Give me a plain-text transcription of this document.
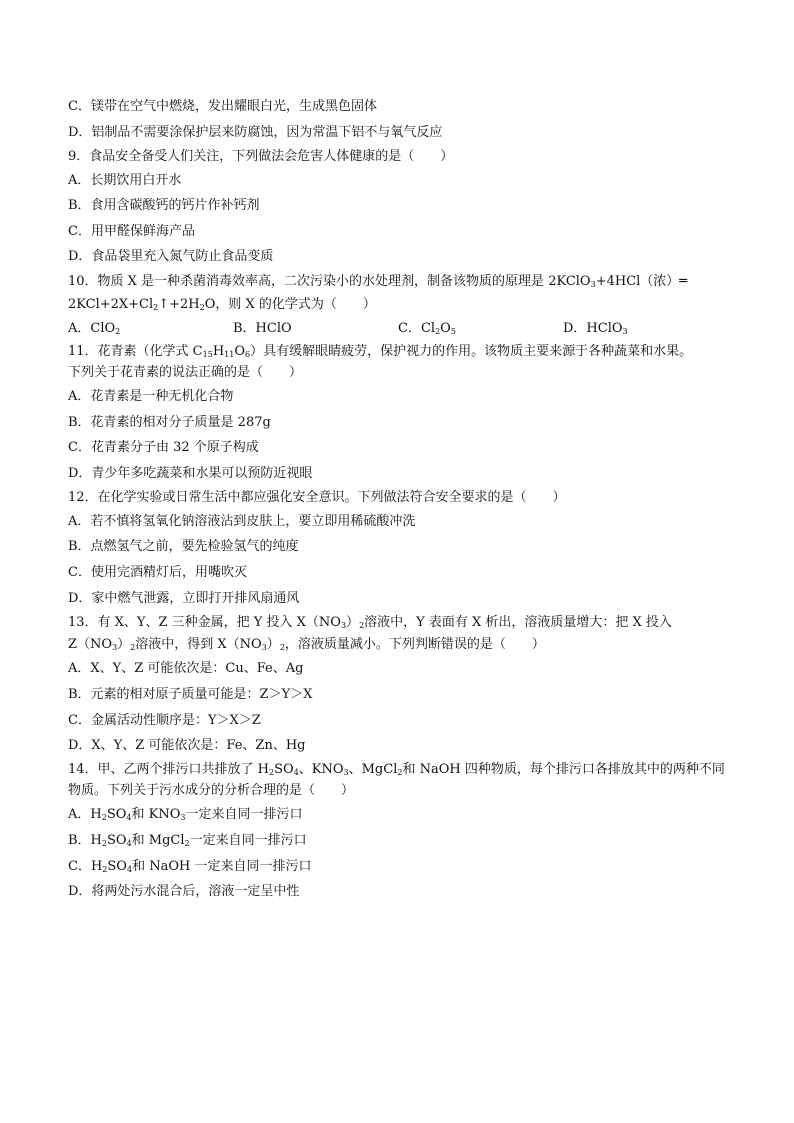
C．镁带在空气中燃烧，发出耀眼白光，生成黑色固体
D．铝制品不需要涂保护层来防腐蚀，因为常温下铝不与氧气反应
9．食品安全备受人们关注，下列做法会危害人体健康的是（　　）
A．长期饮用白开水
B．食用含碳酸钙的钙片作补钙剂
C．用甲醛保鲜海产品
D．食品袋里充入氮气防止食品变质
10．物质 X 是一种杀菌消毒效率高，二次污染小的水处理剂，制备该物质的原理是 2KClO$_3$+4HCl（浓）═
$2KCl+2X+Cl_2↑+2H_2O$，则 X 的化学式为（　　）
A．ClO$_2$	B．HClO	C．$Cl_2O_5$	D．HClO$_3$
11．花青素（化学式 $C_{15}H_{11}O_6$）具有缓解眼睛疲劳，保护视力的作用。该物质主要来源于各种蔬菜和水果。
下列关于花青素的说法正确的是（　　）
A．花青素是一种无机化合物
B．花青素的相对分子质量是 287g
C．花青素分子由 32 个原子构成
D．青少年多吃蔬菜和水果可以预防近视眼
12．在化学实验或日常生活中都应强化安全意识。下列做法符合安全要求的是（　　）
A．若不慎将氢氧化钠溶液沾到皮肤上，要立即用稀硫酸冲洗
B．点燃氢气之前，要先检验氢气的纯度
C．使用完酒精灯后，用嘴吹灭
D．家中燃气泄露，立即打开排风扇通风
13．有 X、Y、Z 三种金属，把 Y 投入 $X(NO_3)_2$溶液中，Y 表面有 X 析出，溶液质量增大：把 X 投入
$Z(NO_3)_2$溶液中，得到 $X(NO_3)_2$，溶液质量减小。下列判断错误的是（　　）
A．X、Y、Z 可能依次是：Cu、Fe、Ag
B．元素的相对原子质量可能是：Z＞Y＞X
C．金属活动性顺序是：Y＞X＞Z
D．X、Y、Z 可能依次是：Fe、Zn、Hg
14．甲、乙两个排污口共排放了 $H_2SO_4$、$KNO_3$、MgCl$_2$和 NaOH 四种物质，每个排污口各排放其中的两种不同
物质。下列关于污水成分的分析合理的是（　　）
A．$H_2SO_4$和 $KNO_3$一定来自同一排污口
B．$H_2SO_4$和 MgCl$_2$一定来自同一排污口
C．$H_2SO_4$和 NaOH 一定来自同一排污口
D．将两处污水混合后，溶液一定呈中性
